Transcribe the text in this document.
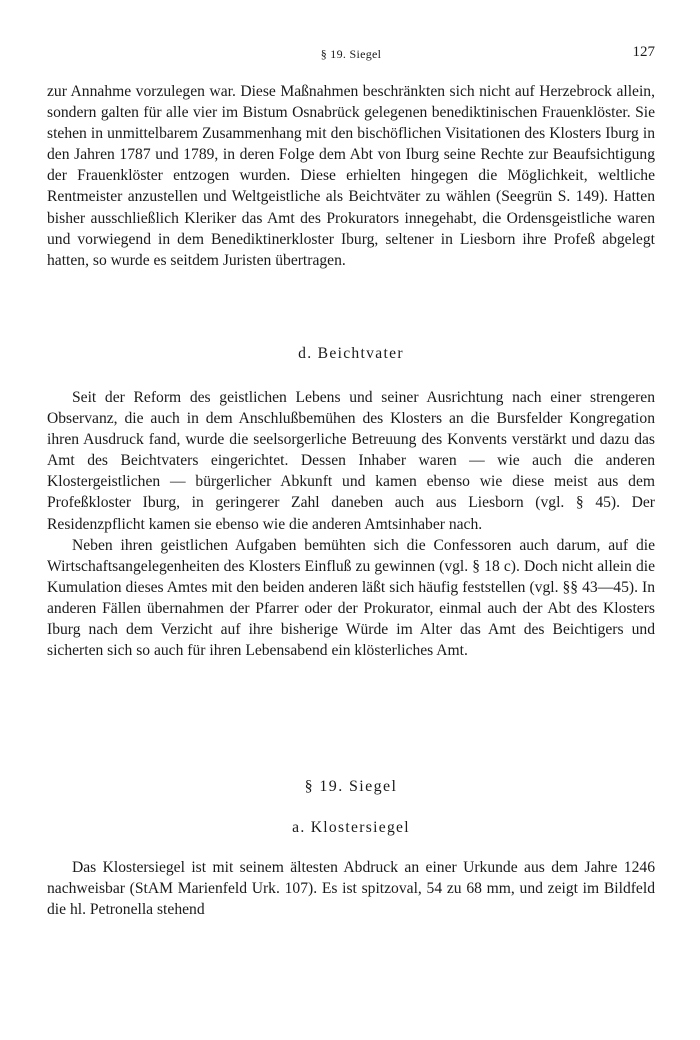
§ 19. Siegel	127

zur Annahme vorzulegen war. Diese Maßnahmen beschränkten sich nicht auf Herzebrock allein, sondern galten für alle vier im Bistum Osnabrück gelegenen benediktinischen Frauenklöster. Sie stehen in unmittelbarem Zusammenhang mit den bischöflichen Visitationen des Klosters Iburg in den Jahren 1787 und 1789, in deren Folge dem Abt von Iburg seine Rechte zur Beaufsichtigung der Frauenklöster entzogen wurden. Diese erhielten hingegen die Möglichkeit, weltliche Rentmeister anzustellen und Weltgeistliche als Beichtväter zu wählen (Seegrün S. 149). Hatten bisher ausschließlich Kleriker das Amt des Prokurators innegehabt, die Ordensgeistliche waren und vorwiegend in dem Benediktinerkloster Iburg, seltener in Liesborn ihre Profeß abgelegt hatten, so wurde es seitdem Juristen übertragen.

d. Beichtvater

Seit der Reform des geistlichen Lebens und seiner Ausrichtung nach einer strengeren Observanz, die auch in dem Anschlußbemühen des Klosters an die Bursfelder Kongregation ihren Ausdruck fand, wurde die seelsorgerliche Betreuung des Konvents verstärkt und dazu das Amt des Beichtvaters eingerichtet. Dessen Inhaber waren — wie auch die anderen Klostergeistlichen — bürgerlicher Abkunft und kamen ebenso wie diese meist aus dem Profeßkloster Iburg, in geringerer Zahl daneben auch aus Liesborn (vgl. § 45). Der Residenzpflicht kamen sie ebenso wie die anderen Amtsinhaber nach.

Neben ihren geistlichen Aufgaben bemühten sich die Confessoren auch darum, auf die Wirtschaftsangelegenheiten des Klosters Einfluß zu gewinnen (vgl. § 18 c). Doch nicht allein die Kumulation dieses Amtes mit den beiden anderen läßt sich häufig feststellen (vgl. §§ 43—45). In anderen Fällen übernahmen der Pfarrer oder der Prokurator, einmal auch der Abt des Klosters Iburg nach dem Verzicht auf ihre bisherige Würde im Alter das Amt des Beichtigers und sicherten sich so auch für ihren Lebensabend ein klösterliches Amt.

§ 19. Siegel
a. Klostersiegel

Das Klostersiegel ist mit seinem ältesten Abdruck an einer Urkunde aus dem Jahre 1246 nachweisbar (StAM Marienfeld Urk. 107). Es ist spitzoval, 54 zu 68 mm, und zeigt im Bildfeld die hl. Petronella stehend
